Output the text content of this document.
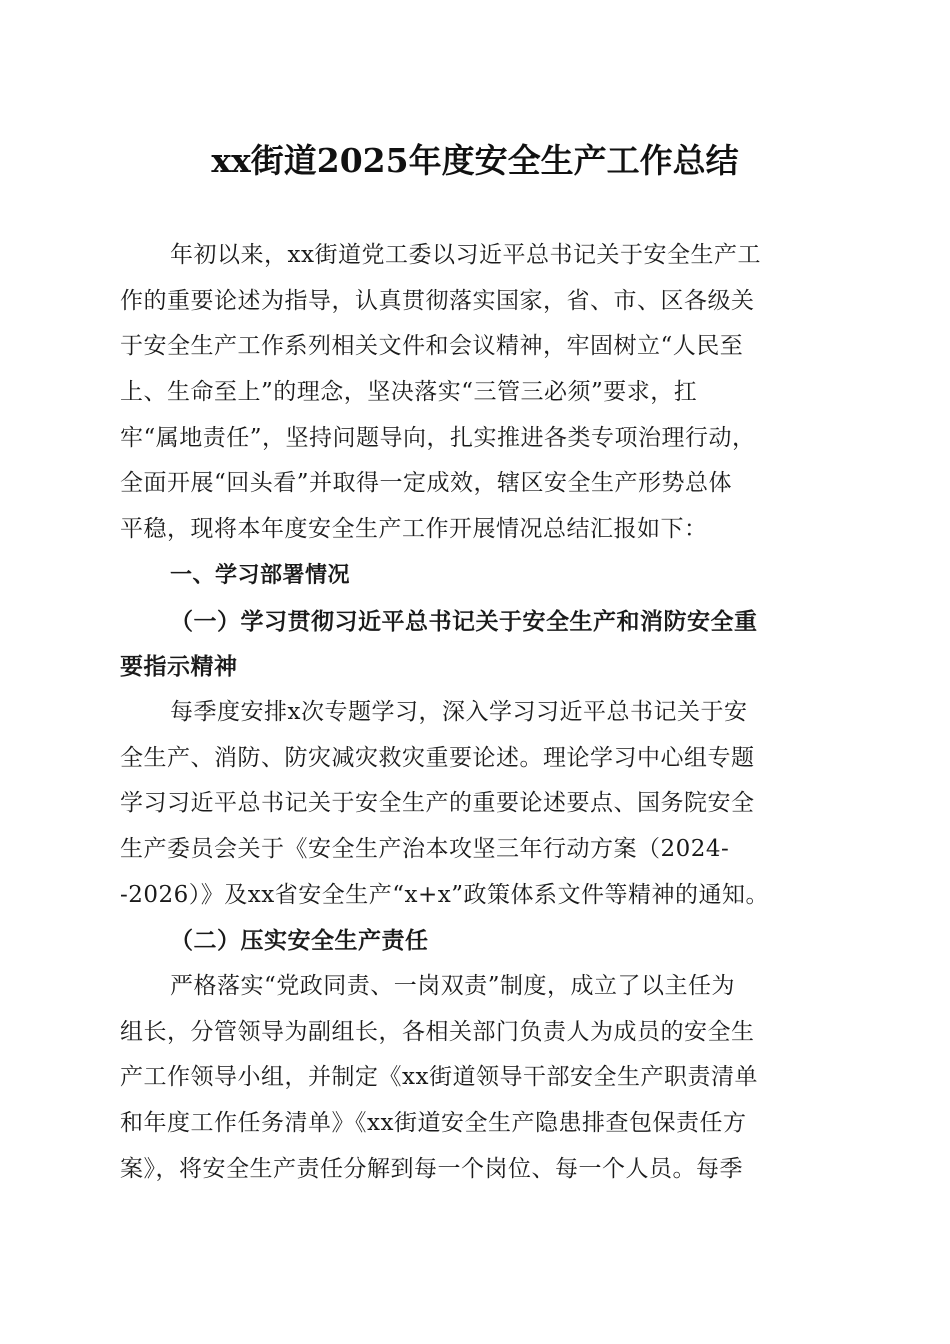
xx街道2025年度安全生产工作总结

年初以来，xx街道党工委以习近平总书记关于安全生产工
作的重要论述为指导，认真贯彻落实国家，省、市、区各级关
于安全生产工作系列相关文件和会议精神，牢固树立“人民至
上、生命至上”的理念，坚决落实“三管三必须”要求，扛
牢“属地责任”，坚持问题导向，扎实推进各类专项治理行动，
全面开展“回头看”并取得一定成效，辖区安全生产形势总体
平稳，现将本年度安全生产工作开展情况总结汇报如下：

一、学习部署情况

（一）学习贯彻习近平总书记关于安全生产和消防安全重
要指示精神

每季度安排x次专题学习，深入学习习近平总书记关于安
全生产、消防、防灾减灾救灾重要论述。理论学习中心组专题
学习习近平总书记关于安全生产的重要论述要点、国务院安全
生产委员会关于《安全生产治本攻坚三年行动方案（2024-
-2026）》及xx省安全生产“x+x”政策体系文件等精神的通知。

（二）压实安全生产责任

严格落实“党政同责、一岗双责”制度，成立了以主任为
组长，分管领导为副组长，各相关部门负责人为成员的安全生
产工作领导小组，并制定《xx街道领导干部安全生产职责清单
和年度工作任务清单》《xx街道安全生产隐患排查包保责任方
案》，将安全生产责任分解到每一个岗位、每一个人员。每季
